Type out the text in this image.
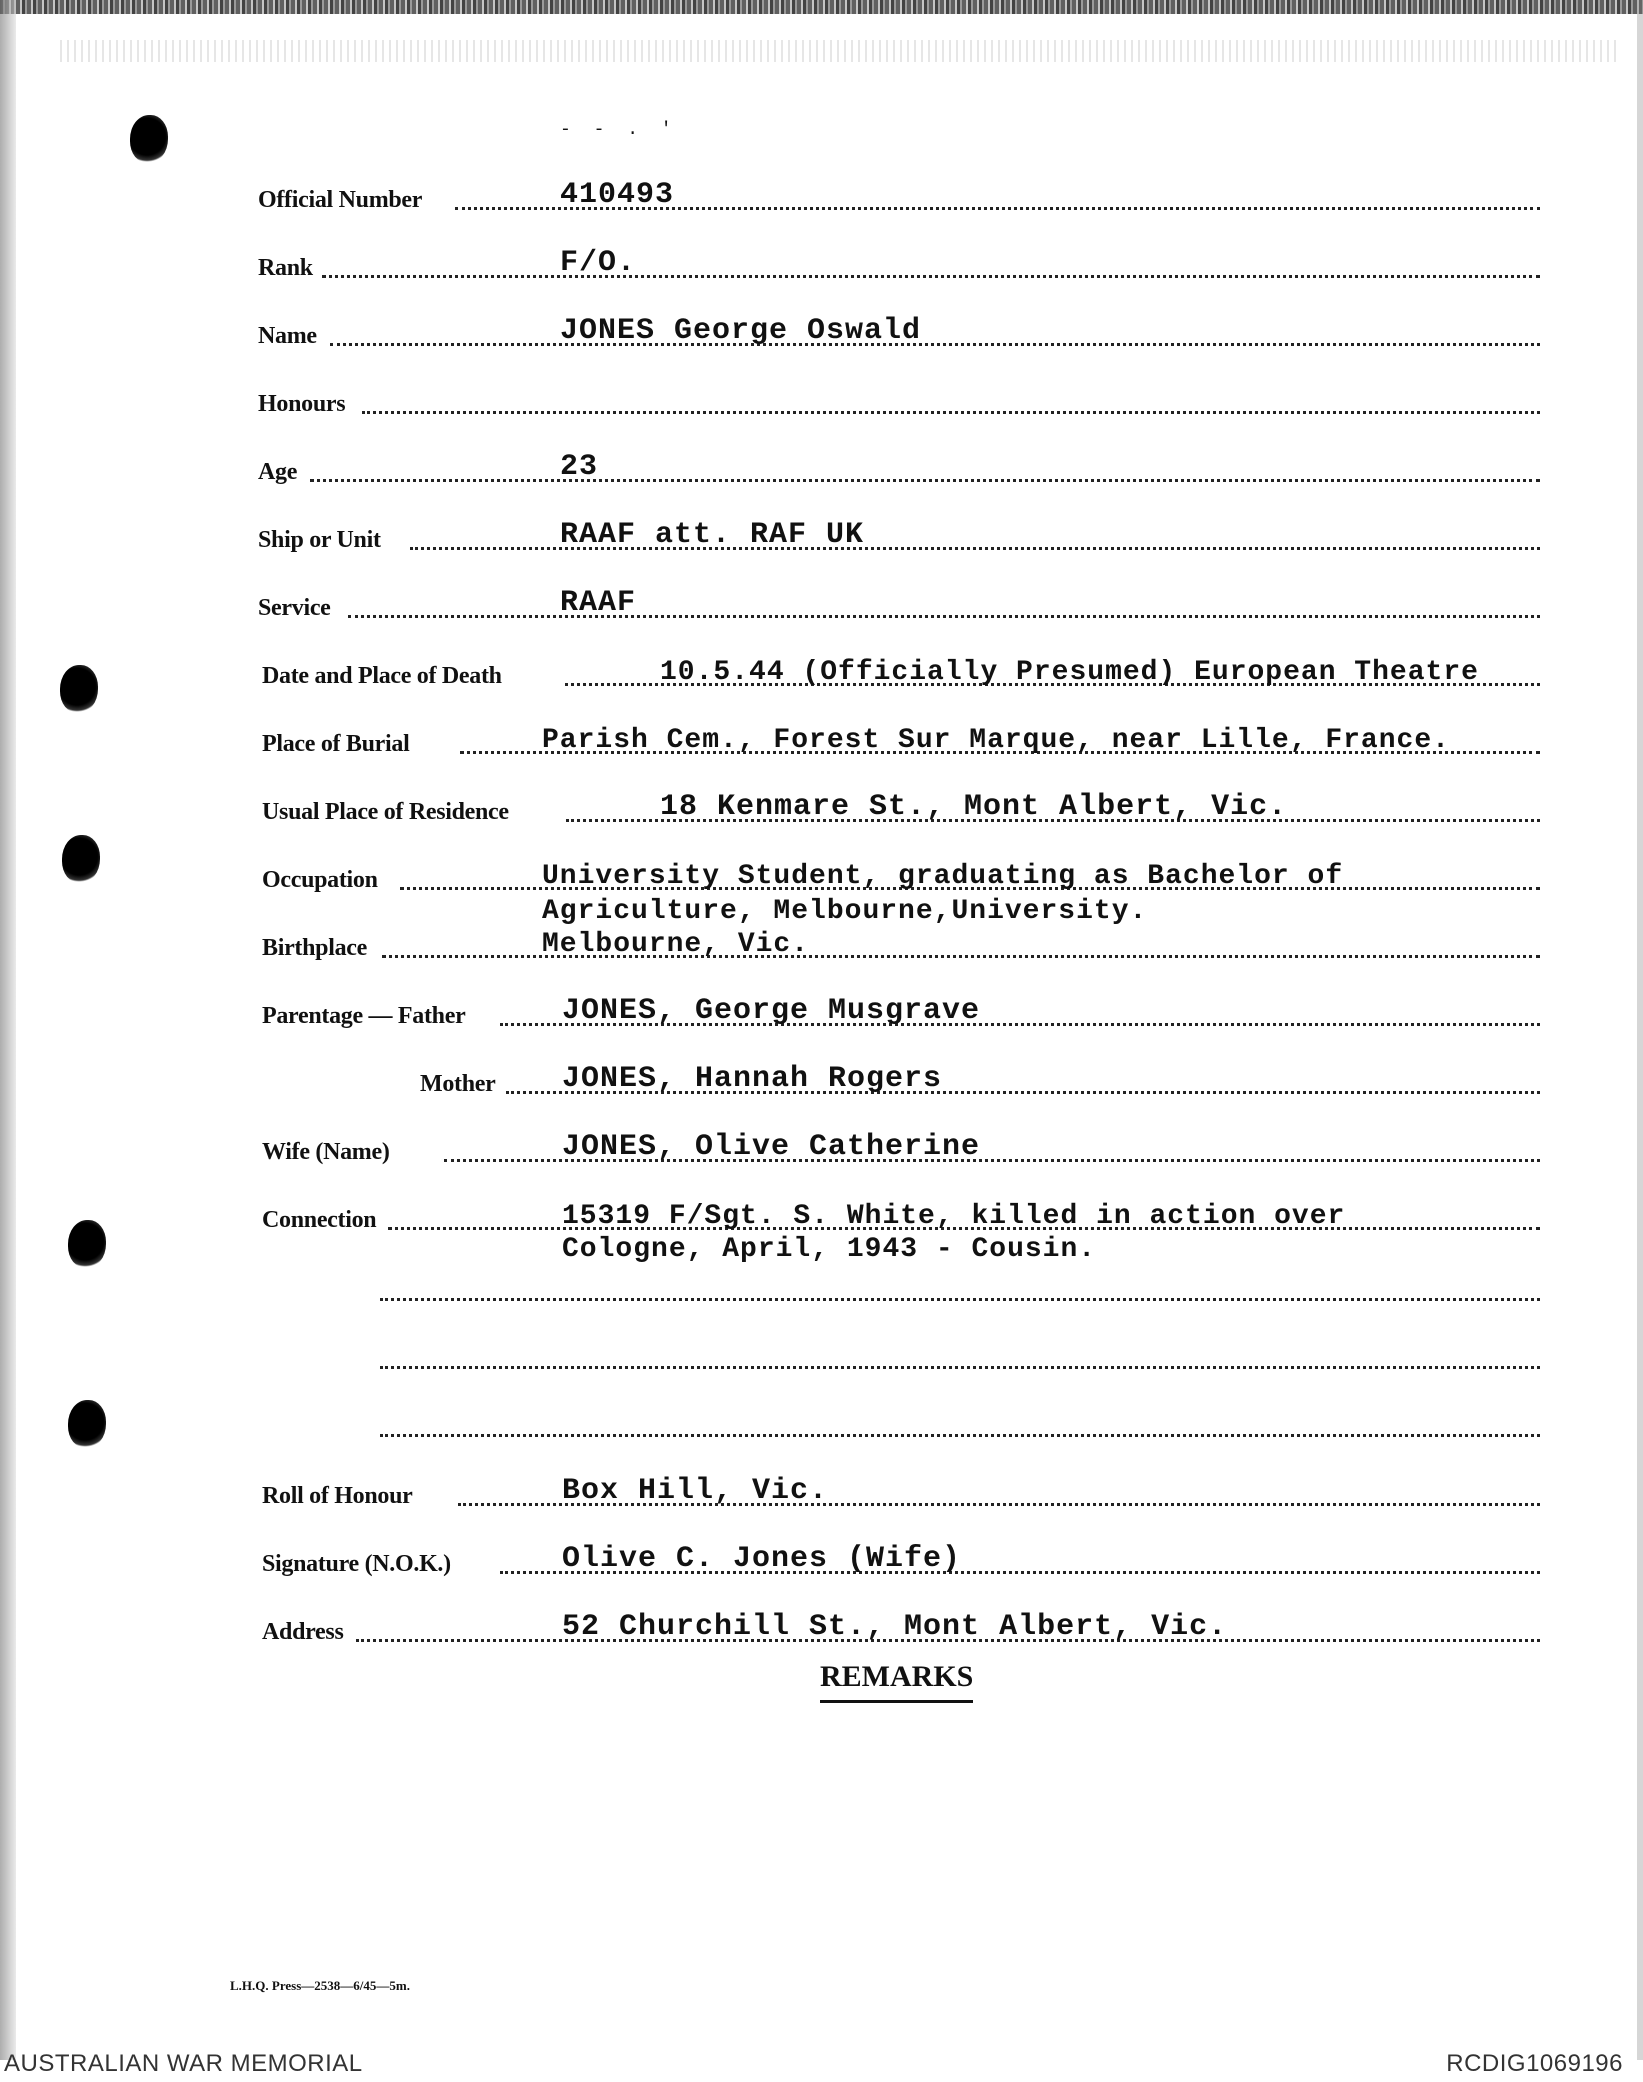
- - . '
Official Number	410493
Rank	F/O.
Name	JONES George Oswald
Honours
Age	23
Ship or Unit	RAAF att. RAF UK
Service	RAAF
Date and Place of Death	10.5.44 (Officially Presumed) European Theatre
Place of Burial	Parish Cem., Forest Sur Marque, near Lille, France.
Usual Place of Residence	18 Kenmare St., Mont Albert, Vic.
Occupation	University Student, graduating as Bachelor of
Agriculture, Melbourne,University.
Birthplace	Melbourne, Vic.
Parentage — Father	JONES, George Musgrave
Mother JONES, Hannah Rogers
Wife (Name)	JONES, Olive Catherine
Connection	15319 F/Sgt. S. White, killed in action over
Cologne, April, 1943 - Cousin.
Roll of Honour	Box Hill, Vic.
Signature (N.O.K.)	Olive C. Jones (Wife)
Address	52 Churchill St., Mont Albert, Vic.
REMARKS
L.H.Q. Press—2538—6/45—5m.
AUSTRALIAN WAR MEMORIAL	RCDIG1069196
